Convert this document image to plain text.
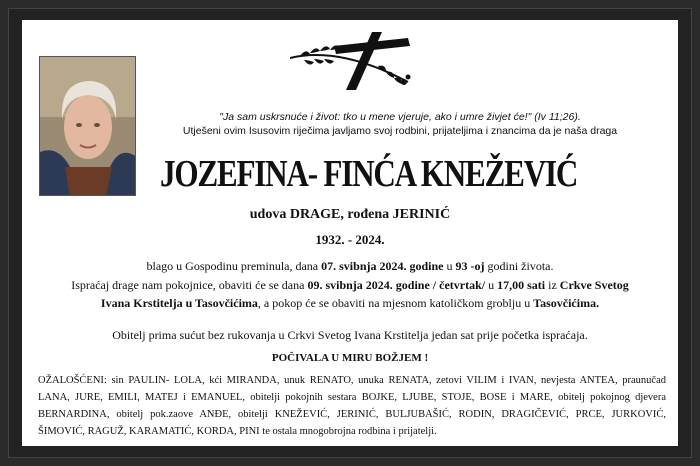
"Ja sam uskrsnuće i život: tko u mene vjeruje, ako i umre živjet će!" (Iv 11;26).
Utješeni ovim Isusovim riječima javljamo svoj rodbini, prijateljima i znancima da je naša draga
JOZEFINA- FINĆA KNEŽEVIĆ
udova DRAGE, rođena JERINIĆ
1932. - 2024.
blago u Gospodinu preminula, dana 07. svibnja 2024. godine u 93 -oj godini života.
Ispraćaj drage nam pokojnice, obaviti će se dana 09. svibnja 2024. godine / četvrtak/ u 17,00 sati iz Crkve Svetog
Ivana Krstitelja u Tasovčićima, a pokop će se obaviti na mjesnom katoličkom groblju u Tasovčićima.
Obitelj prima sućut bez rukovanja u Crkvi Svetog Ivana Krstitelja jedan sat prije početka ispraćaja.
POČIVALA U MIRU BOŽJEM !
OŽALOŠĆENI: sin PAULIN- LOLA, kći MIRANDA, unuk RENATO, unuka RENATA, zetovi VILIM i IVAN, nevjesta ANTEA, praunučad LANA, JURE, EMILI, MATEJ i EMANUEL, obitelji pokojnih sestara BOJKE, LJUBE, STOJE, BOSE i MARE, obitelj pokojnog djevera BERNARDINA, obitelj pok.zaove ANĐE, obitelji KNEŽEVIĆ, JERINIĆ, BULJUBAŠIĆ, RODIN, DRAGIČEVIĆ, PRCE, JURKOVIĆ, ŠIMOVIĆ, RAGUŽ, KARAMATIĆ, KORDA, PINI te ostala mnogobrojna rodbina i prijatelji.
